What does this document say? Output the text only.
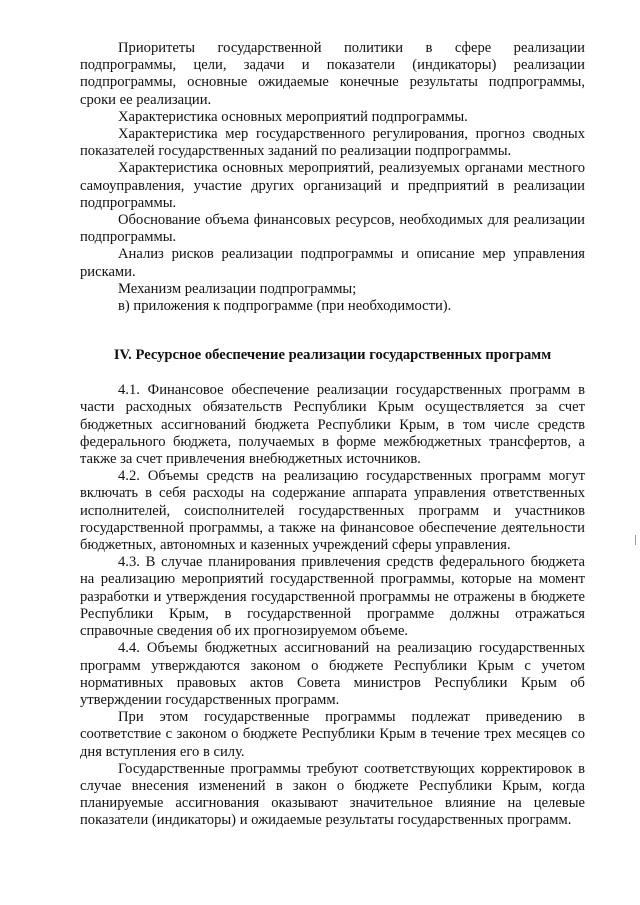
Приоритеты государственной политики в сфере реализации подпрограммы, цели, задачи и показатели (индикаторы) реализации подпрограммы, основные ожидаемые конечные результаты подпрограммы, сроки ее реализации.

Характеристика основных мероприятий подпрограммы.

Характеристика мер государственного регулирования, прогноз сводных показателей государственных заданий по реализации подпрограммы.

Характеристика основных мероприятий, реализуемых органами местного самоуправления, участие других организаций и предприятий в реализации подпрограммы.

Обоснование объема финансовых ресурсов, необходимых для реализации подпрограммы.

Анализ рисков реализации подпрограммы и описание мер управления рисками.

Механизм реализации подпрограммы;

в) приложения к подпрограмме (при необходимости).

IV. Ресурсное обеспечение реализации государственных программ

4.1. Финансовое обеспечение реализации государственных программ в части расходных обязательств Республики Крым осуществляется за счет бюджетных ассигнований бюджета Республики Крым, в том числе средств федерального бюджета, получаемых в форме межбюджетных трансфертов, а также за счет привлечения внебюджетных источников.

4.2. Объемы средств на реализацию государственных программ могут включать в себя расходы на содержание аппарата управления ответственных исполнителей, соисполнителей государственных программ и участников государственной программы, а также на финансовое обеспечение деятельности бюджетных, автономных и казенных учреждений сферы управления.

4.3. В случае планирования привлечения средств федерального бюджета на реализацию мероприятий государственной программы, которые на момент разработки и утверждения государственной программы не отражены в бюджете Республики Крым, в государственной программе должны отражаться справочные сведения об их прогнозируемом объеме.

4.4. Объемы бюджетных ассигнований на реализацию государственных программ утверждаются законом о бюджете Республики Крым с учетом нормативных правовых актов Совета министров Республики Крым об утверждении государственных программ.

При этом государственные программы подлежат приведению в соответствие с законом о бюджете Республики Крым в течение трех месяцев со дня вступления его в силу.

Государственные программы требуют соответствующих корректировок в случае внесения изменений в закон о бюджете Республики Крым, когда планируемые ассигнования оказывают значительное влияние на целевые показатели (индикаторы) и ожидаемые результаты государственных программ.
